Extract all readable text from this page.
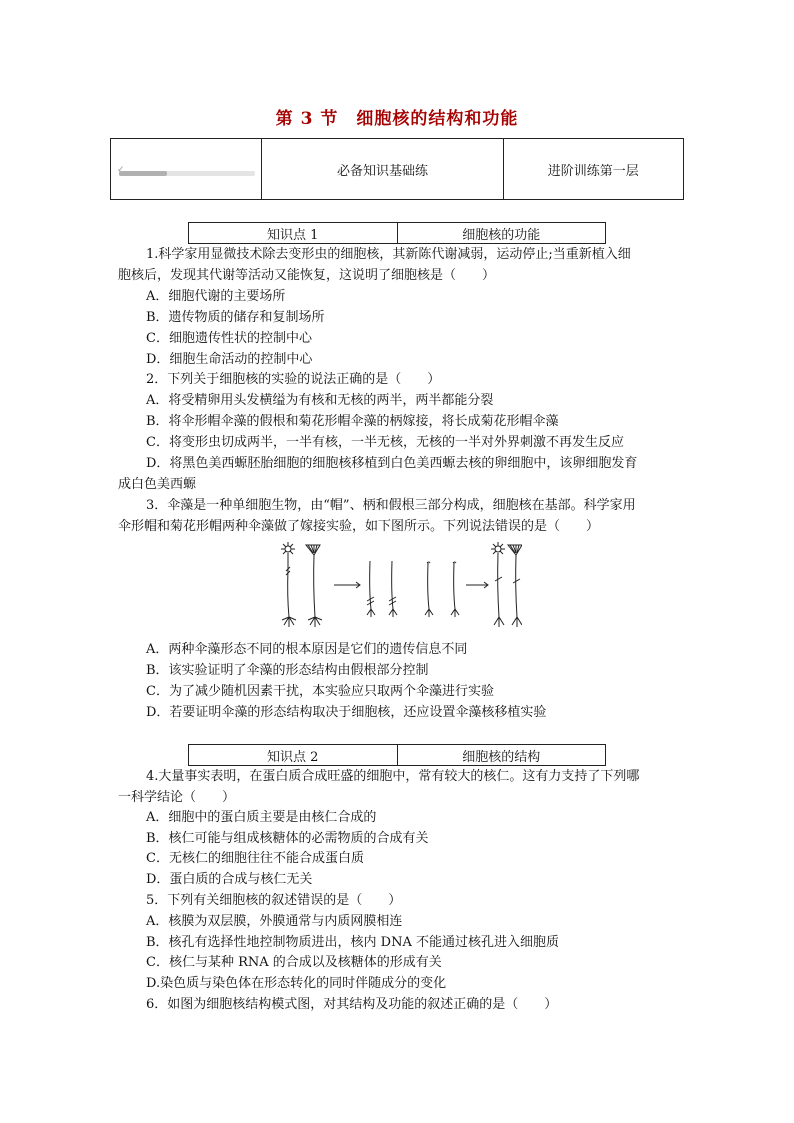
第 3 节　细胞核的结构和功能
✓	必备知识基础练	进阶训练第一层
知识点 1	细胞核的功能
1.科学家用显微技术除去变形虫的细胞核，其新陈代谢减弱，运动停止;当重新植入细
胞核后，发现其代谢等活动又能恢复，这说明了细胞核是（　　）
A．细胞代谢的主要场所
B．遗传物质的储存和复制场所
C．细胞遗传性状的控制中心
D．细胞生命活动的控制中心
2．下列关于细胞核的实验的说法正确的是（　　）
A．将受精卵用头发横缢为有核和无核的两半，两半都能分裂
B．将伞形帽伞藻的假根和菊花形帽伞藻的柄嫁接，将长成菊花形帽伞藻
C．将变形虫切成两半，一半有核，一半无核，无核的一半对外界刺激不再发生反应
D．将黑色美西螈胚胎细胞的细胞核移植到白色美西螈去核的卵细胞中，该卵细胞发育
成白色美西螈
3．伞藻是一种单细胞生物，由“帽”、柄和假根三部分构成，细胞核在基部。科学家用
伞形帽和菊花形帽两种伞藻做了嫁接实验，如下图所示。下列说法错误的是（　　）
A．两种伞藻形态不同的根本原因是它们的遗传信息不同
B．该实验证明了伞藻的形态结构由假根部分控制
C．为了减少随机因素干扰，本实验应只取两个伞藻进行实验
D．若要证明伞藻的形态结构取决于细胞核，还应设置伞藻核移植实验
知识点 2	细胞核的结构
4.大量事实表明，在蛋白质合成旺盛的细胞中，常有较大的核仁。这有力支持了下列哪
一科学结论（　　）
A．细胞中的蛋白质主要是由核仁合成的
B．核仁可能与组成核糖体的必需物质的合成有关
C．无核仁的细胞往往不能合成蛋白质
D．蛋白质的合成与核仁无关
5．下列有关细胞核的叙述错误的是（　　）
A．核膜为双层膜，外膜通常与内质网膜相连
B．核孔有选择性地控制物质进出，核内 DNA 不能通过核孔进入细胞质
C．核仁与某种 RNA 的合成以及核糖体的形成有关
D.染色质与染色体在形态转化的同时伴随成分的变化
6．如图为细胞核结构模式图，对其结构及功能的叙述正确的是（　　）
